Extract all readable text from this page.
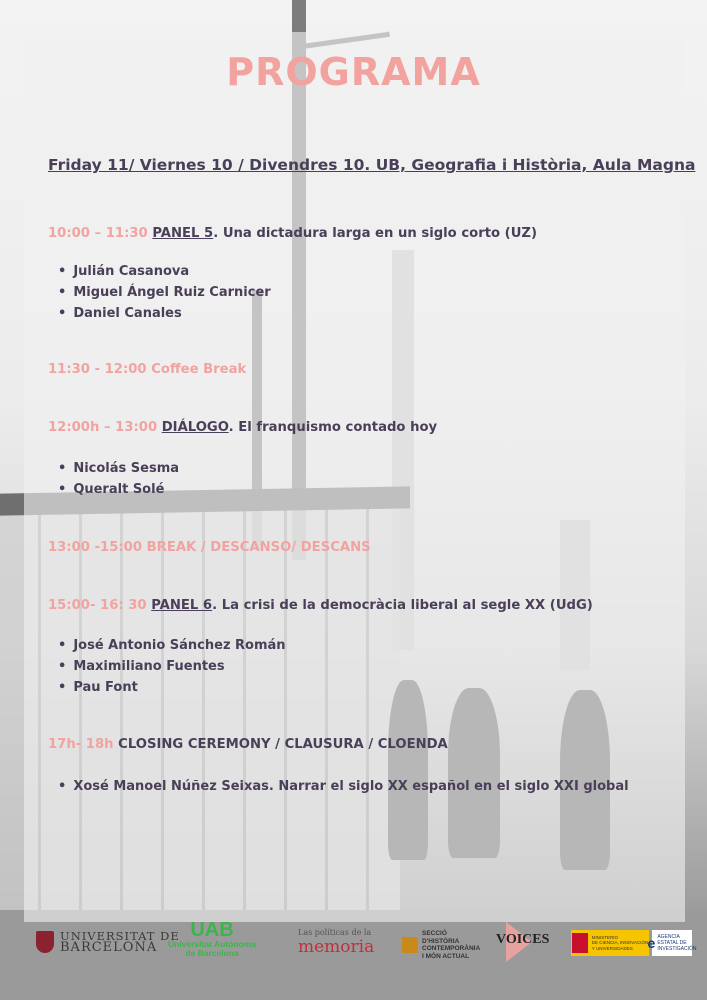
PROGRAMA
Friday 11/ Viernes 10 / Divendres 10. UB, Geografia i Història, Aula Magna
10:00 – 11:30 PANEL 5. Una dictadura larga en un siglo corto (UZ)
• Julián Casanova
• Miguel Ángel Ruiz Carnicer
• Daniel Canales
11:30 - 12:00 Coffee Break
12:00h – 13:00 DIÁLOGO. El franquismo contado hoy
• Nicolás Sesma
• Queralt Solé
13:00 -15:00 BREAK / DESCANSO/ DESCANS
15:00- 16: 30 PANEL 6. La crisi de la democràcia liberal al segle XX (UdG)
• José Antonio Sánchez Román
• Maximiliano Fuentes
• Pau Font
17h- 18h CLOSING CEREMONY / CLAUSURA / CLOENDA
• Xosé Manoel Núñez Seixas. Narrar el siglo XX español en el siglo XXI global
UNIVERSITAT DE
BARCELONA
UAB
Universitat Autònoma
de Barcelona
Las políticas de la
memoria
SECCIÓ
D'HISTÒRIA
CONTEMPORÀNIA
I MÓN ACTUAL
VOICES	MINISTERIO
DE CIENCIA, INNOVACIÓN
Y UNIVERSIDADES	e AGENCIA
ESTATAL DE
INVESTIGACIÓN
